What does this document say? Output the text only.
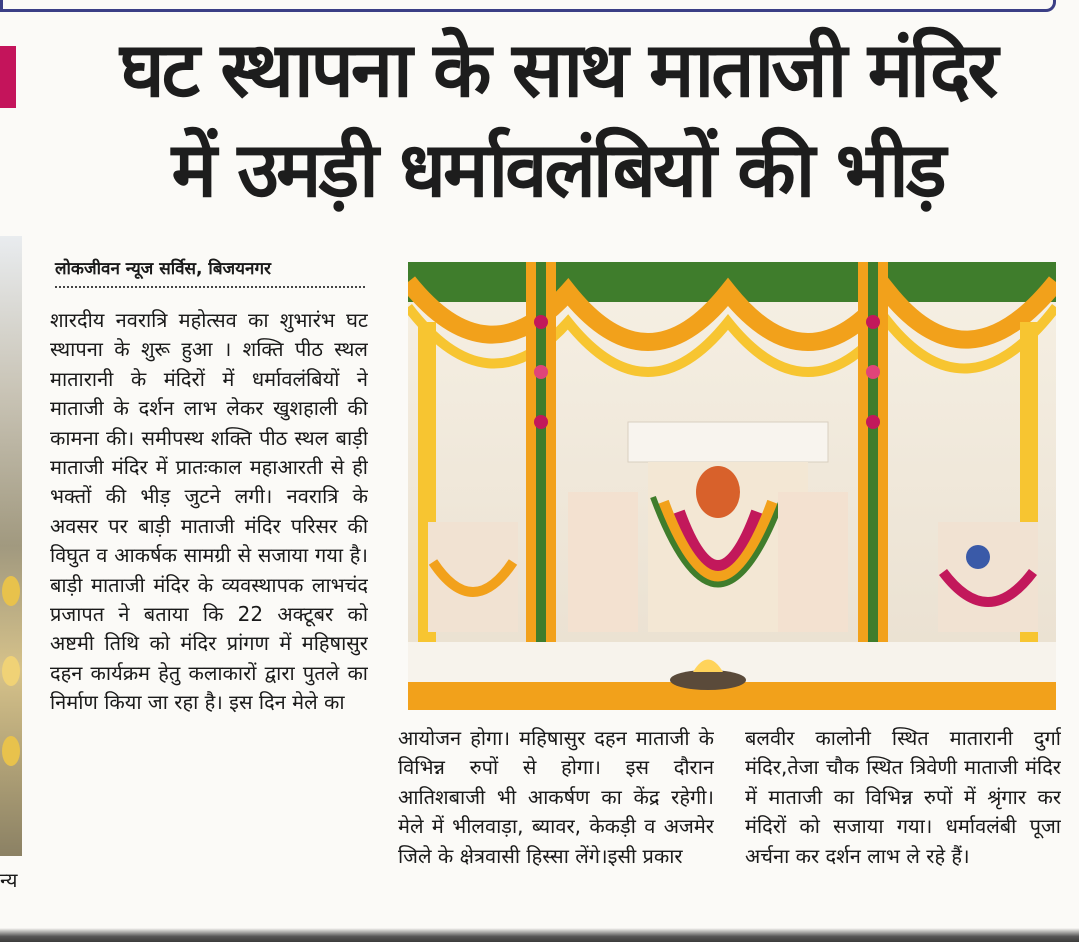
न्य
घट स्थापना के साथ माताजी मंदिर
में उमड़ी धर्मावलंबियों की भीड़
लोकजीवन न्यूज सर्विस, बिजयनगर
शारदीय नवरात्रि महोत्सव का शुभारंभ घट स्थापना के शुरू हुआ । शक्ति पीठ स्थल मातारानी के मंदिरों में धर्मावलंबियों ने माताजी के दर्शन लाभ लेकर खुशहाली की कामना की। समीपस्थ शक्ति पीठ स्थल बाड़ी माताजी मंदिर में प्रातःकाल महाआरती से ही भक्तों की भीड़ जुटने लगी। नवरात्रि के अवसर पर बाड़ी माताजी मंदिर परिसर की विघुत व आकर्षक सामग्री से सजाया गया है। बाड़ी माताजी मंदिर के व्यवस्थापक लाभचंद प्रजापत ने बताया कि 22 अक्टूबर को अष्टमी तिथि को मंदिर प्रांगण में महिषासुर दहन कार्यक्रम हेतु कलाकारों द्वारा पुतले का निर्माण किया जा रहा है। इस दिन मेले का
आयोजन होगा। महिषासुर दहन माताजी के विभिन्न रुपों से होगा। इस दौरान आतिशबाजी भी आकर्षण का केंद्र रहेगी। मेले में भीलवाड़ा, ब्यावर, केकड़ी व अजमेर जिले के क्षेत्रवासी हिस्सा लेंगे।इसी प्रकार
बलवीर कालोनी स्थित मातारानी दुर्गा मंदिर,तेजा चौक स्थित त्रिवेणी माताजी मंदिर में माताजी का विभिन्न रुपों में श्रृंगार कर मंदिरों को सजाया गया। धर्मावलंबी पूजा अर्चना कर दर्शन लाभ ले रहे हैं।
